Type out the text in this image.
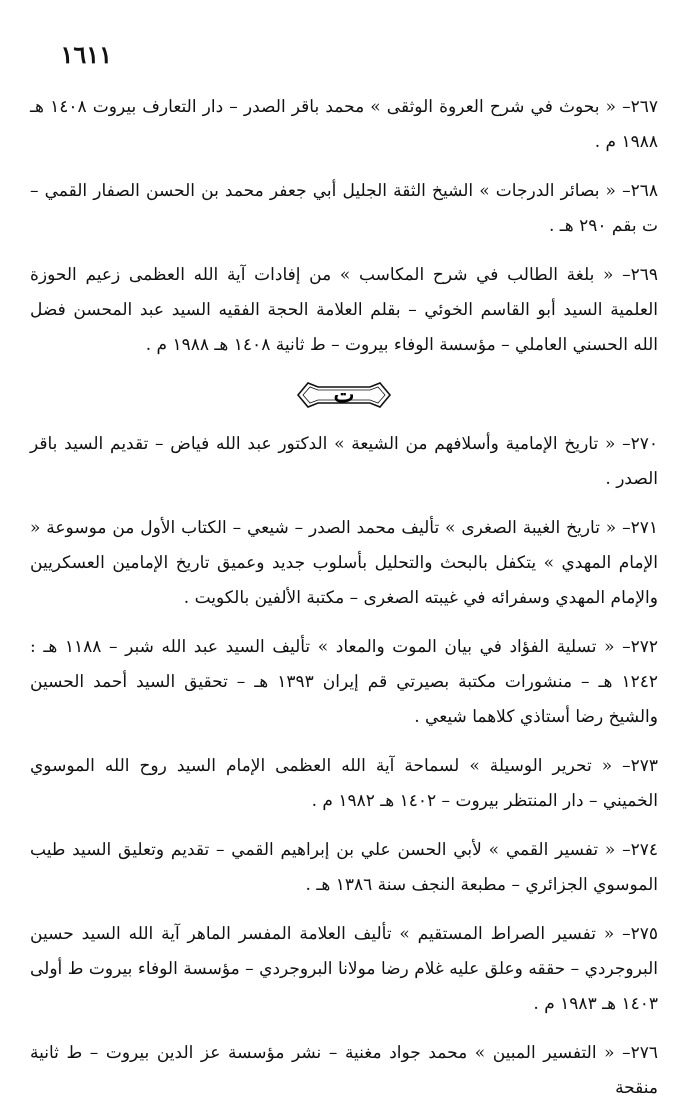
١٦١١
٢٦٧– « بحوث في شرح العروة الوثقى » محمد باقر الصدر – دار التعارف بيروت ١٤٠٨ هـ ١٩٨٨ م .
٢٦٨– « بصائر الدرجات » الشيخ الثقة الجليل أبي جعفر محمد بن الحسن الصفار القمي – ت بقم ٢٩٠ هـ .
٢٦٩– « بلغة الطالب في شرح المكاسب » من إفادات آية الله العظمى زعيم الحوزة العلمية السيد أبو القاسم الخوئي – بقلم العلامة الحجة الفقيه السيد عبد المحسن فضل الله الحسني العاملي – مؤسسة الوفاء بيروت – ط ثانية ١٤٠٨ هـ ١٩٨٨ م .
ت
٢٧٠– « تاريخ الإمامية وأسلافهم من الشيعة » الدكتور عبد الله فياض – تقديم السيد باقر الصدر .
٢٧١– « تاريخ الغيبة الصغرى » تأليف محمد الصدر – شيعي – الكتاب الأول من موسوعة « الإمام المهدي » يتكفل بالبحث والتحليل بأسلوب جديد وعميق تاريخ الإمامين العسكريين والإمام المهدي وسفرائه في غيبته الصغرى – مكتبة الألفين بالكويت .
٢٧٢– « تسلية الفؤاد في بيان الموت والمعاد » تأليف السيد عبد الله شبر – ١١٨٨ هـ : ١٢٤٢ هـ – منشورات مكتبة بصيرتي قم إيران ١٣٩٣ هـ – تحقيق السيد أحمد الحسين والشيخ رضا أستاذي كلاهما شيعي .
٢٧٣– « تحرير الوسيلة » لسماحة آية الله العظمى الإمام السيد روح الله الموسوي الخميني – دار المنتظر بيروت – ١٤٠٢ هـ ١٩٨٢ م .
٢٧٤– « تفسير القمي » لأبي الحسن علي بن إبراهيم القمي – تقديم وتعليق السيد طيب الموسوي الجزائري – مطبعة النجف سنة ١٣٨٦ هـ .
٢٧٥– « تفسير الصراط المستقيم » تأليف العلامة المفسر الماهر آية الله السيد حسين البروجردي – حققه وعلق عليه غلام رضا مولانا البروجردي – مؤسسة الوفاء بيروت ط أولى ١٤٠٣ هـ ١٩٨٣ م .
٢٧٦– « التفسير المبين » محمد جواد مغنية – نشر مؤسسة عز الدين بيروت – ط ثانية منقحة
